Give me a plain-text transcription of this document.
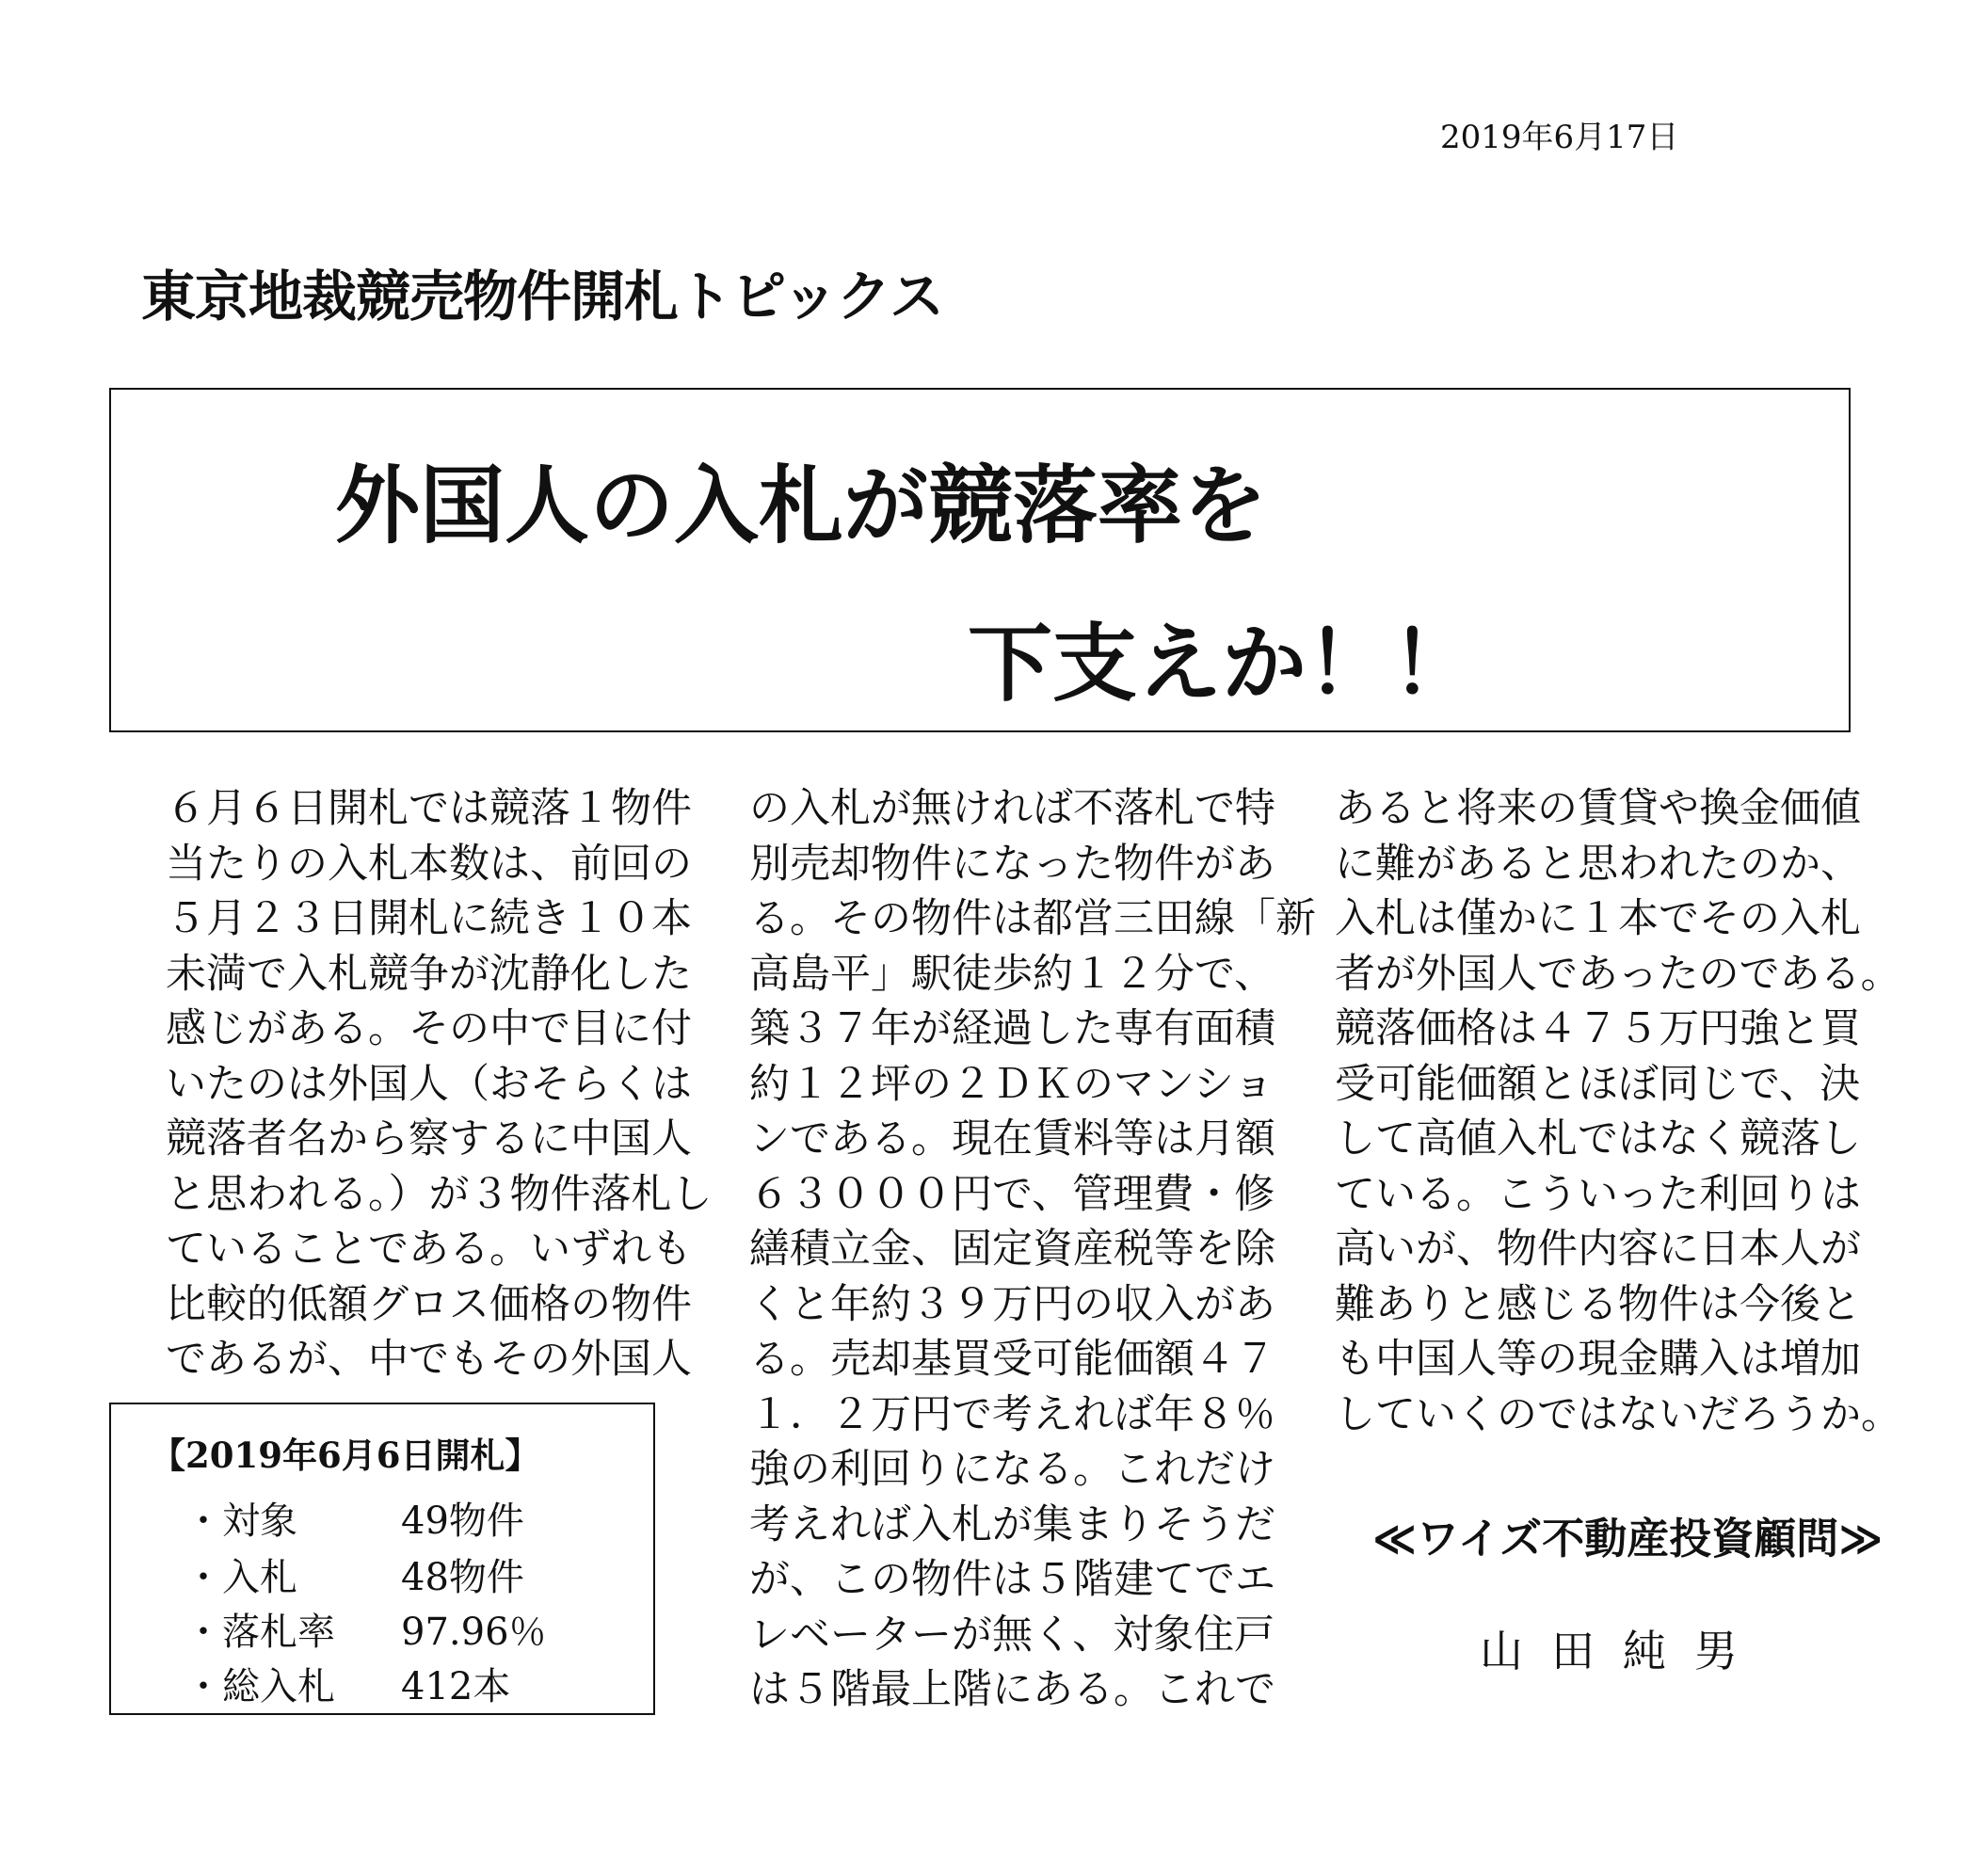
2019年6月17日
東京地裁競売物件開札トピックス
外国人の入札が競落率を
下支えか！！
６月６日開札では競落１物件
当たりの入札本数は、前回の
５月２３日開札に続き１０本
未満で入札競争が沈静化した
感じがある。その中で目に付
いたのは外国人（おそらくは
競落者名から察するに中国人
と思われる。）が３物件落札し
ていることである。いずれも
比較的低額グロス価格の物件
であるが、中でもその外国人
の入札が無ければ不落札で特
別売却物件になった物件があ
る。その物件は都営三田線「新
高島平」駅徒歩約１２分で、
築３７年が経過した専有面積
約１２坪の２ＤＫのマンショ
ンである。現在賃料等は月額
６３０００円で、管理費・修
繕積立金、固定資産税等を除
くと年約３９万円の収入があ
る。売却基買受可能価額４７
１．２万円で考えれば年８％
強の利回りになる。これだけ
考えれば入札が集まりそうだ
が、この物件は５階建てでエ
レベーターが無く、対象住戸
は５階最上階にある。これで
あると将来の賃貸や換金価値
に難があると思われたのか、
入札は僅かに１本でその入札
者が外国人であったのである。
競落価格は４７５万円強と買
受可能価額とほぼ同じで、決
して高値入札ではなく競落し
ている。こういった利回りは
高いが、物件内容に日本人が
難ありと感じる物件は今後と
も中国人等の現金購入は増加
していくのではないだろうか。
【2019年6月6日開札】
・対象	49物件
・入札	48物件
・落札率 97.96％
・総入札 412本
≪ワイズ不動産投資顧問≫
山田純男
